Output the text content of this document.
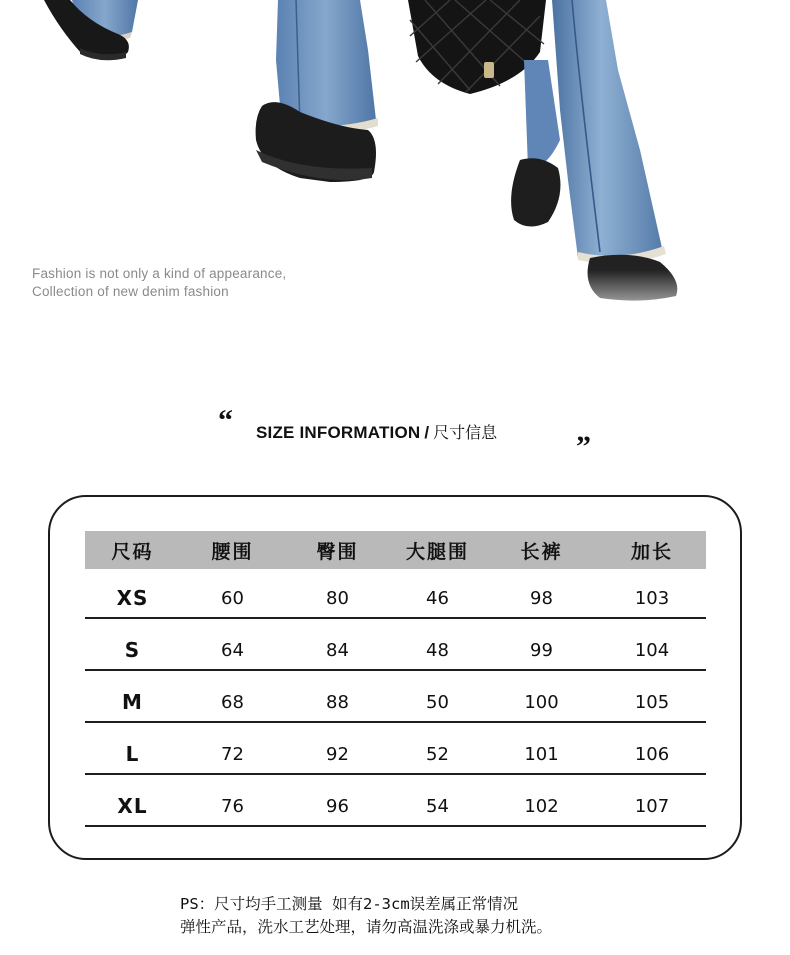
Fashion is not only a kind of appearance,
Collection of new denim fashion
“ SIZE INFORMATION / 尺寸信息	”
尺码	腰围	臀围	大腿围	长裤	加长
XS	60	80	46	98	103
S	64	84	48	99	104
M	68	88	50	100	105
L	72	92	52	101	106
XL	76	96	54	102	107
PS：尺寸均手工测量 如有2-3cm误差属正常情况
弹性产品，洗水工艺处理，请勿高温洗涤或暴力机洗。
